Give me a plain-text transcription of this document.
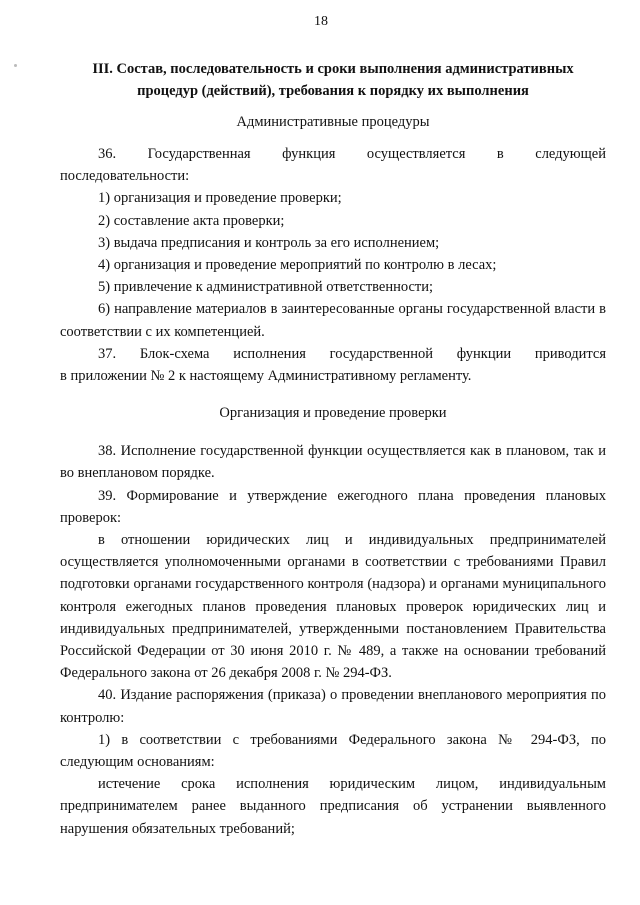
18
III. Состав, последовательность и сроки выполнения административных
процедур (действий), требования к порядку их выполнения
Административные процедуры

36. Государственная функция осуществляется в следующей

последовательности:

1) организация и проведение проверки;

2) составление акта проверки;

3) выдача предписания и контроль за его исполнением;

4) организация и проведение мероприятий по контролю в лесах;

5) привлечение к административной ответственности;

6) направление материалов в заинтересованные органы государственной власти в соответствии с их компетенцией.

37. Блок-схема исполнения государственной функции приводится

в приложении № 2 к настоящему Административному регламенту.

Организация и проведение проверки

38. Исполнение государственной функции осуществляется как в плановом, так и во внеплановом порядке.

39. Формирование и утверждение ежегодного плана проведения плановых проверок:

в отношении юридических лиц и индивидуальных предпринимателей осуществляется уполномоченными органами в соответствии с требованиями Правил подготовки органами государственного контроля (надзора) и органами муниципального контроля ежегодных планов проведения плановых проверок юридических лиц и индивидуальных предпринимателей, утвержденными постановлением Правительства Российской Федерации от 30 июня 2010 г. № 489, а также на основании требований Федерального закона от 26 декабря 2008 г. № 294-ФЗ.

40. Издание распоряжения (приказа) о проведении внепланового мероприятия по контролю:

1) в соответствии с требованиями Федерального закона № 294-ФЗ, по следующим основаниям:

истечение срока исполнения юридическим лицом, индивидуальным предпринимателем ранее выданного предписания об устранении выявленного нарушения обязательных требований;
